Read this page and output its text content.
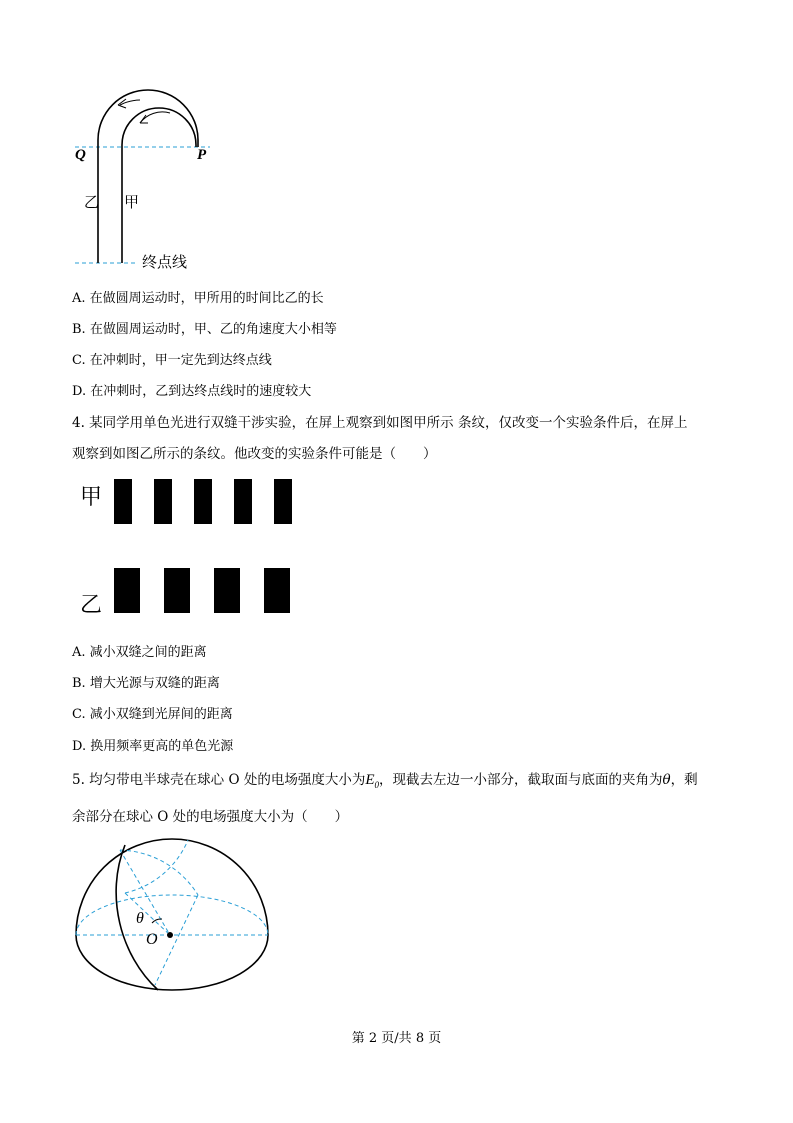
Q	P
乙 甲
终点线
A. 在做圆周运动时，甲所用的时间比乙的长
B. 在做圆周运动时，甲、乙的角速度大小相等
C. 在冲刺时，甲一定先到达终点线
D. 在冲刺时，乙到达终点线时的速度较大
4. 某同学用单色光进行双缝干涉实验，在屏上观察到如图甲所示 条纹，仅改变一个实验条件后，在屏上
观察到如图乙所示的条纹。他改变的实验条件可能是（　　）
甲
乙
A. 减小双缝之间的距离
B. 增大光源与双缝的距离
C. 减小双缝到光屏间的距离
D. 换用频率更高的单色光源
5. 均匀带电半球壳在球心 O 处的电场强度大小为$E_0$，现截去左边一小部分，截取面与底面的夹角为θ，剩
余部分在球心 O 处的电场强度大小为（　　）
θ
O
第 2 页/共 8 页
